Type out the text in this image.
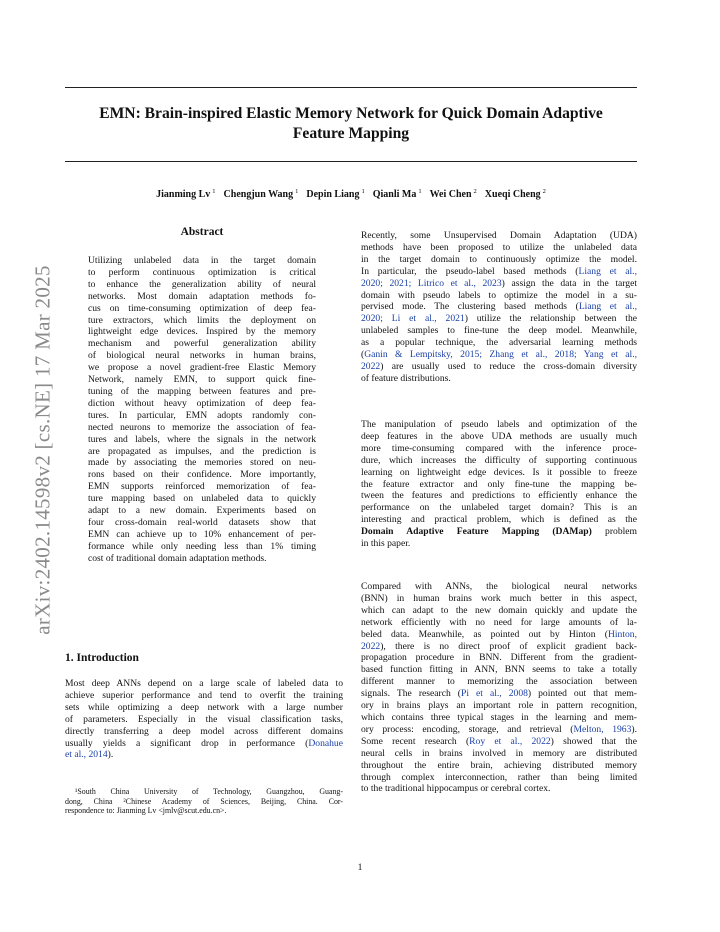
EMN: Brain-inspired Elastic Memory Network for Quick Domain Adaptive
Feature Mapping
Jianming Lv $^1$ Chengjun Wang $^1$ Depin Liang $^1$ Qianli Ma $^1$ Wei Chen $^2$ Xueqi Cheng $^2$
arXiv:2402.14598v2 [cs.NE] 17 Mar 2025
Abstract
Utilizing unlabeled data in the target domain
to perform continuous optimization is critical
to enhance the generalization ability of neural
networks. Most domain adaptation methods fo-
cus on time-consuming optimization of deep fea-
ture extractors, which limits the deployment on
lightweight edge devices. Inspired by the memory
mechanism and powerful generalization ability
of biological neural networks in human brains,
we propose a novel gradient-free Elastic Memory
Network, namely EMN, to support quick fine-
tuning of the mapping between features and pre-
diction without heavy optimization of deep fea-
tures. In particular, EMN adopts randomly con-
nected neurons to memorize the association of fea-
tures and labels, where the signals in the network
are propagated as impulses, and the prediction is
made by associating the memories stored on neu-
rons based on their confidence. More importantly,
EMN supports reinforced memorization of fea-
ture mapping based on unlabeled data to quickly
adapt to a new domain. Experiments based on
four cross-domain real-world datasets show that
EMN can achieve up to 10% enhancement of per-
formance while only needing less than 1% timing
cost of traditional domain adaptation methods.
1. Introduction
Most deep ANNs depend on a large scale of labeled data to
achieve superior performance and tend to overfit the training
sets while optimizing a deep network with a large number
of parameters. Especially in the visual classification tasks,
directly transferring a deep model across different domains
usually yields a significant drop in performance (Donahue
et al., 2014).
¹South China University of Technology, Guangzhou, Guang-
dong, China ²Chinese Academy of Sciences, Beijing, China. Cor-
respondence to: Jianming Lv <jmlv@scut.edu.cn>.
Recently, some Unsupervised Domain Adaptation (UDA)
methods have been proposed to utilize the unlabeled data
in the target domain to continuously optimize the model.
In particular, the pseudo-label based methods (Liang et al.,
2020; 2021; Litrico et al., 2023) assign the data in the target
domain with pseudo labels to optimize the model in a su-
pervised mode. The clustering based methods (Liang et al.,
2020; Li et al., 2021) utilize the relationship between the
unlabeled samples to fine-tune the deep model. Meanwhile,
as a popular technique, the adversarial learning methods
(Ganin & Lempitsky, 2015; Zhang et al., 2018; Yang et al.,
2022) are usually used to reduce the cross-domain diversity
of feature distributions.
The manipulation of pseudo labels and optimization of the
deep features in the above UDA methods are usually much
more time-consuming compared with the inference proce-
dure, which increases the difficulty of supporting continuous
learning on lightweight edge devices. Is it possible to freeze
the feature extractor and only fine-tune the mapping be-
tween the features and predictions to efficiently enhance the
performance on the unlabeled target domain? This is an
interesting and practical problem, which is defined as the
Domain Adaptive Feature Mapping (DAMap) problem
in this paper.
Compared with ANNs, the biological neural networks
(BNN) in human brains work much better in this aspect,
which can adapt to the new domain quickly and update the
network efficiently with no need for large amounts of la-
beled data. Meanwhile, as pointed out by Hinton (Hinton,
2022), there is no direct proof of explicit gradient back-
propagation procedure in BNN. Different from the gradient-
based function fitting in ANN, BNN seems to take a totally
different manner to memorizing the association between
signals. The research (Pi et al., 2008) pointed out that mem-
ory in brains plays an important role in pattern recognition,
which contains three typical stages in the learning and mem-
ory process: encoding, storage, and retrieval (Melton, 1963).
Some recent research (Roy et al., 2022) showed that the
neural cells in brains involved in memory are distributed
throughout the entire brain, achieving distributed memory
through complex interconnection, rather than being limited
to the traditional hippocampus or cerebral cortex.
1
